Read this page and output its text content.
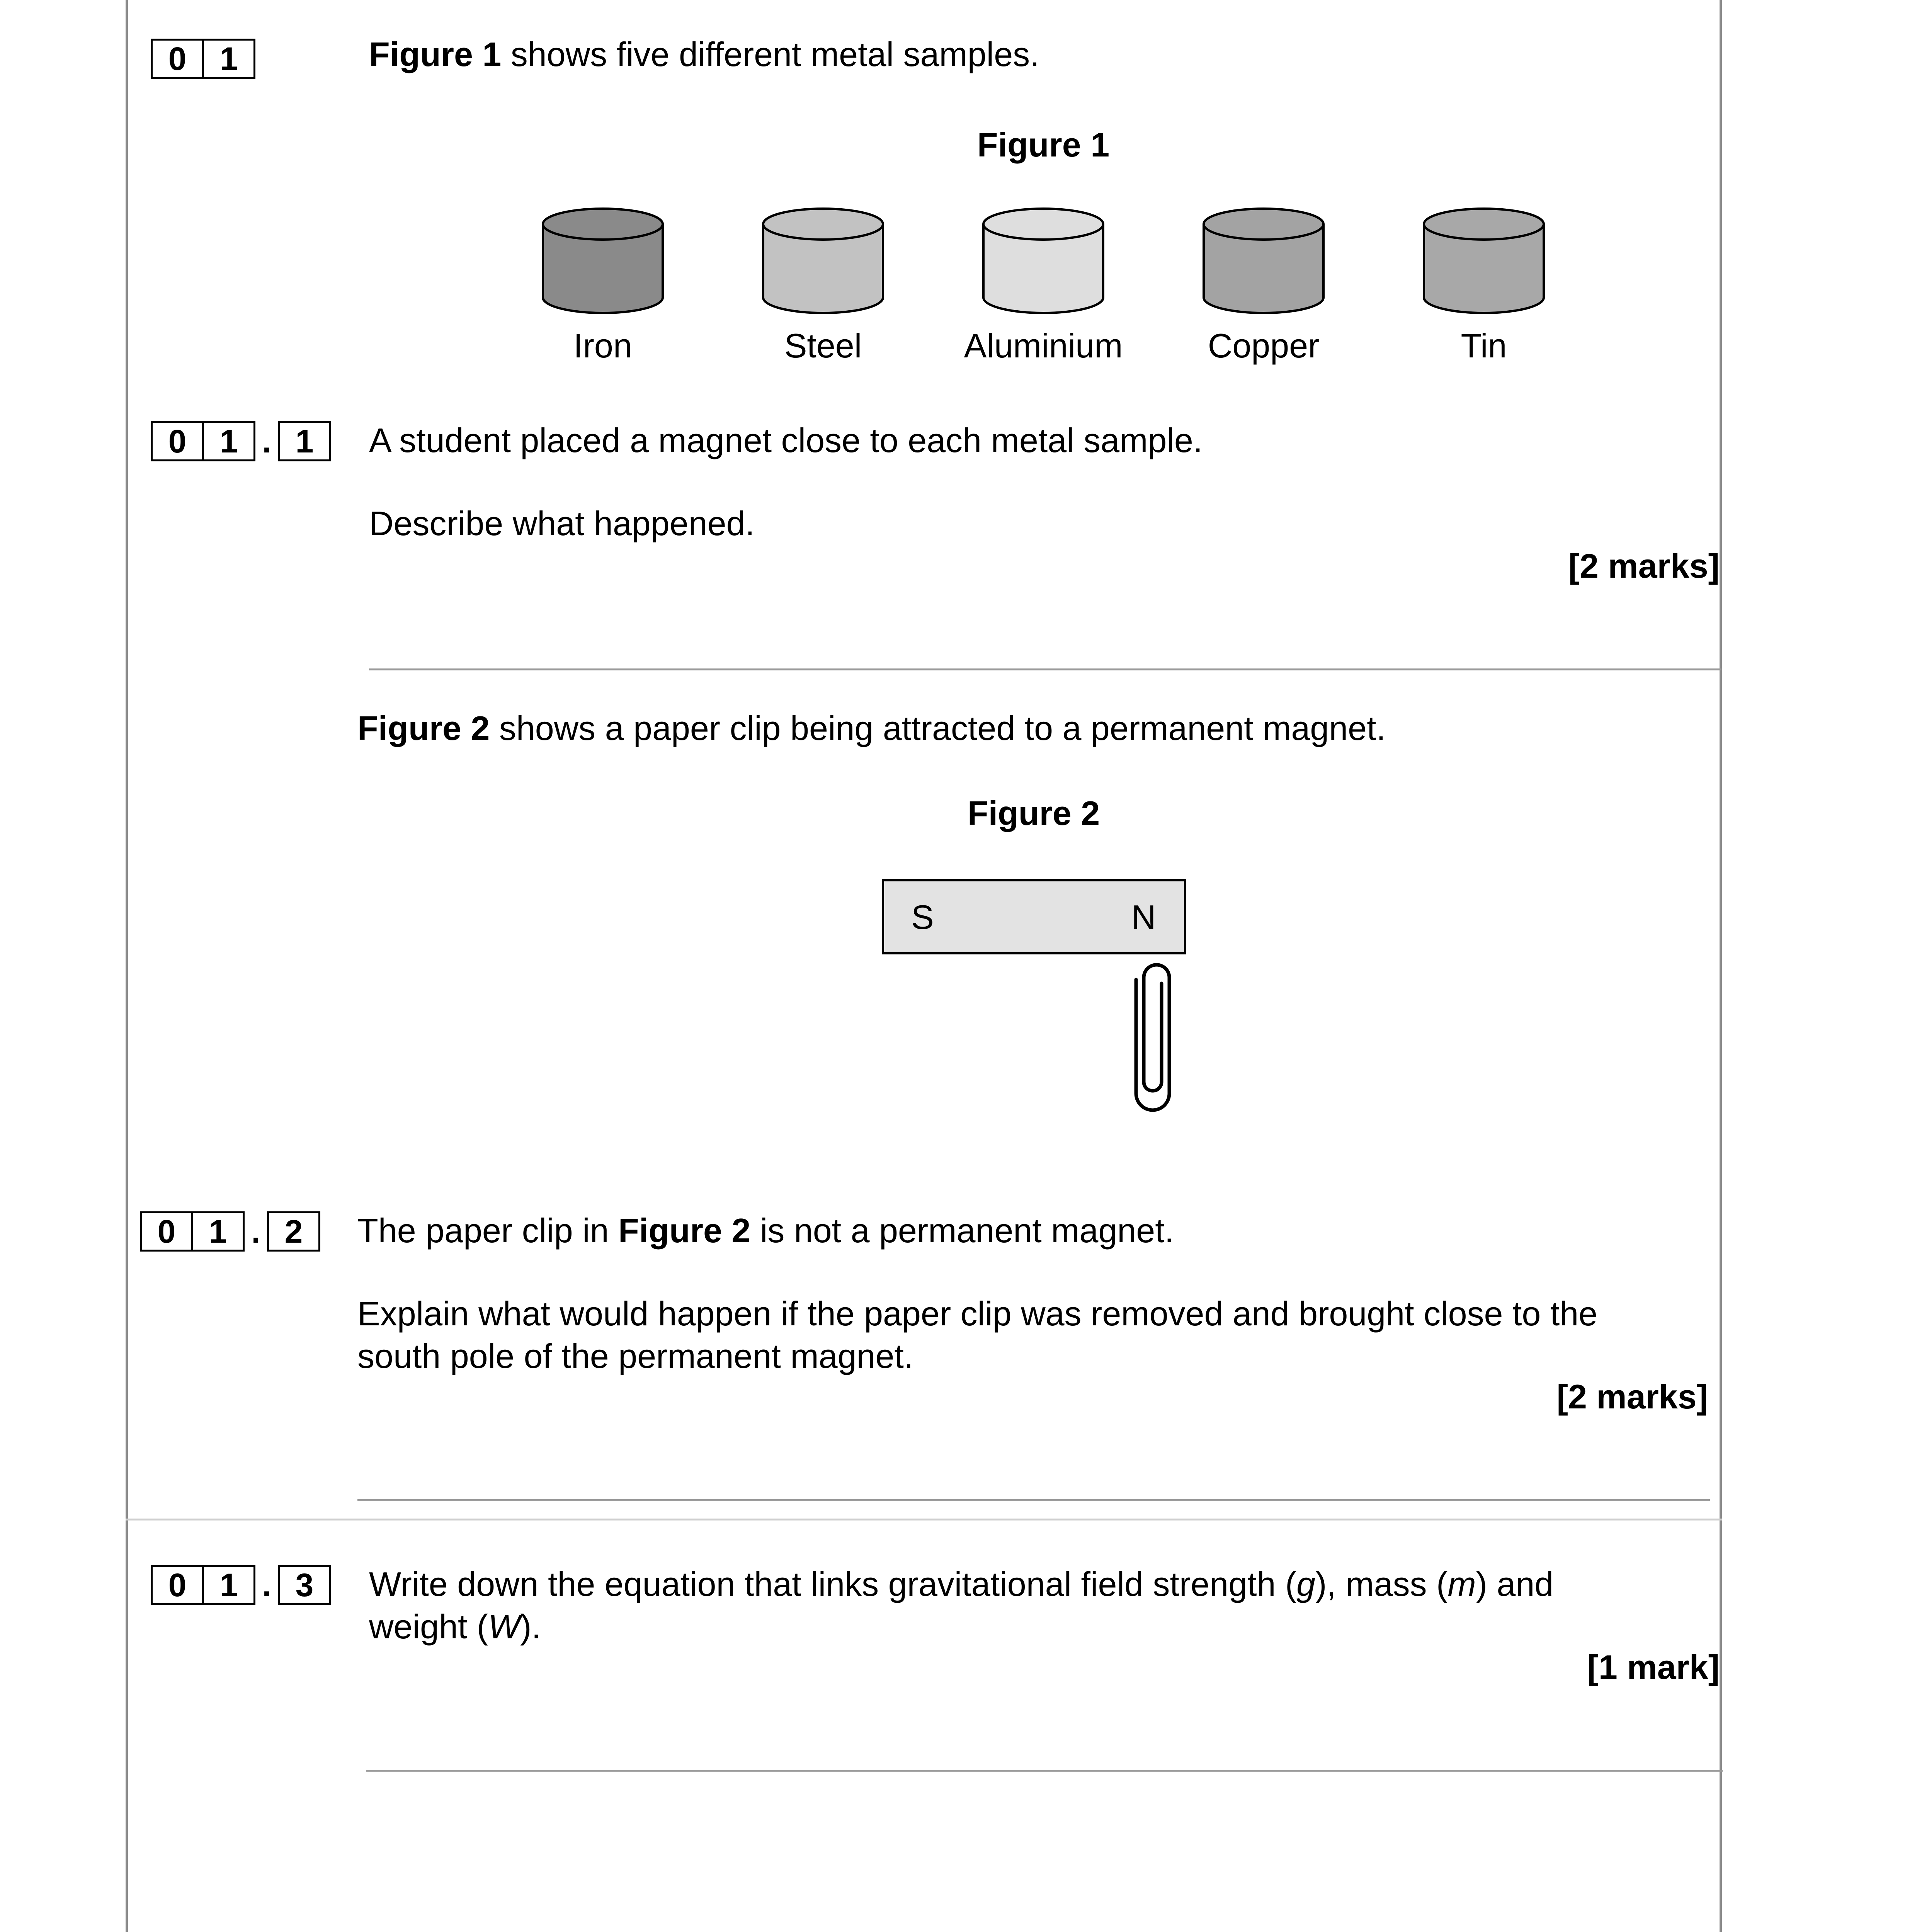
0	1	Figure 1 shows five different metal samples.
Figure 1
Iron	Steel	Aluminium	Copper	Tin
0	1 . 1	A student placed a magnet close to each metal sample.
Describe what happened.
[2 marks]
Figure 2 shows a paper clip being attracted to a permanent magnet.
Figure 2
S	N
0	1 . 2	The paper clip in Figure 2 is not a permanent magnet.
Explain what would happen if the paper clip was removed and brought close to the
south pole of the permanent magnet.
[2 marks]
0	1 . 3	Write down the equation that links gravitational field strength (g), mass (m) and
weight (W).
[1 mark]
